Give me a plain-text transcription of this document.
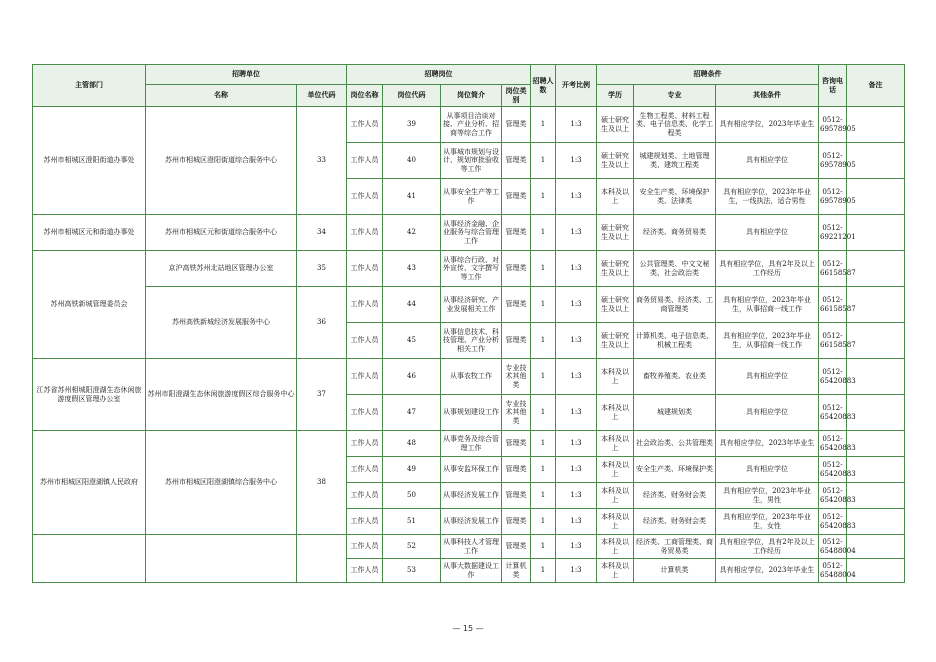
主管部门	招聘单位		招聘岗位				招聘人数	开考比例	招聘条件			咨询电话	备注
	名称	单位代码	岗位名称	岗位代码	岗位简介	岗位类别			学历	专业	其他条件		
苏州市相城区澄阳街道办事处	苏州市相城区澄阳街道综合服务中心	33	工作人员	39	从事项目洽谈对接、产业分析、招商等综合工作	管理类	1	1:3	硕士研究生及以上	生物工程类、材料工程类、电子信息类、化学工程类	具有相应学位，2023年毕业生	0512-69578905	
			工作人员	40	从事城市规划与设计、规划审批验收等工作	管理类	1	1:3	硕士研究生及以上	城建规划类、土地管理类、建筑工程类	具有相应学位	0512-69578905	
			工作人员	41	从事安全生产等工作	管理类	1	1:3	本科及以上	安全生产类、环境保护类、法律类	具有相应学位，2023年毕业生，一线执法，适合男性	0512-69578905	
苏州市相城区元和街道办事处	苏州市相城区元和街道综合服务中心	34	工作人员	42	从事经济金融、企业服务与综合管理工作	管理类	1	1:3	硕士研究生及以上	经济类、商务贸易类	具有相应学位	0512-69221201	
苏州高铁新城管理委员会	京沪高铁苏州北站地区管理办公室	35	工作人员	43	从事综合行政、对外宣传、文字撰写等工作	管理类	1	1:3	硕士研究生及以上	公共管理类、中文文秘类、社会政治类	具有相应学位，具有2年及以上工作经历	0512-66158587	
	苏州高铁新城经济发展服务中心	36	工作人员	44	从事经济研究、产业发展相关工作	管理类	1	1:3	硕士研究生及以上	商务贸易类、经济类、工商管理类	具有相应学位，2023年毕业生，从事招商一线工作	0512-66158587	
			工作人员	45	从事信息技术、科技管理、产业分析相关工作	管理类	1	1:3	硕士研究生及以上	计算机类、电子信息类、机械工程类	具有相应学位，2023年毕业生，从事招商一线工作	0512-66158587	
江苏省苏州相城阳澄湖生态休闲旅游度假区管理办公室	苏州市阳澄湖生态休闲旅游度假区综合服务中心	37	工作人员	46	从事农牧工作	专业技术其他类	1	1:3	本科及以上	畜牧养殖类、农业类	具有相应学位	0512-65420883	
			工作人员	47	从事规划建设工作	专业技术其他类	1	1:3	本科及以上	城建规划类	具有相应学位	0512-65420883	
苏州市相城区阳澄湖镇人民政府	苏州市相城区阳澄湖镇综合服务中心	38	工作人员	48	从事党务及综合管理工作	管理类	1	1:3	本科及以上	社会政治类、公共管理类	具有相应学位，2023年毕业生	0512-65420883	
			工作人员	49	从事安监环保工作	管理类	1	1:3	本科及以上	安全生产类、环境保护类	具有相应学位	0512-65420883	
			工作人员	50	从事经济发展工作	管理类	1	1:3	本科及以上	经济类、财务财会类	具有相应学位，2023年毕业生，男性	0512-65420883	
			工作人员	51	从事经济发展工作	管理类	1	1:3	本科及以上	经济类、财务财会类	具有相应学位，2023年毕业生，女性	0512-65420883	
			工作人员	52	从事科技人才管理工作	管理类	1	1:3	本科及以上	经济类、工商管理类、商务贸易类	具有相应学位，具有2年及以上工作经历	0512-65488004	
			工作人员	53	从事大数据建设工作	计算机类	1	1:3	本科及以上	计算机类	具有相应学位，2023年毕业生	0512-65488004	
— 15 —
